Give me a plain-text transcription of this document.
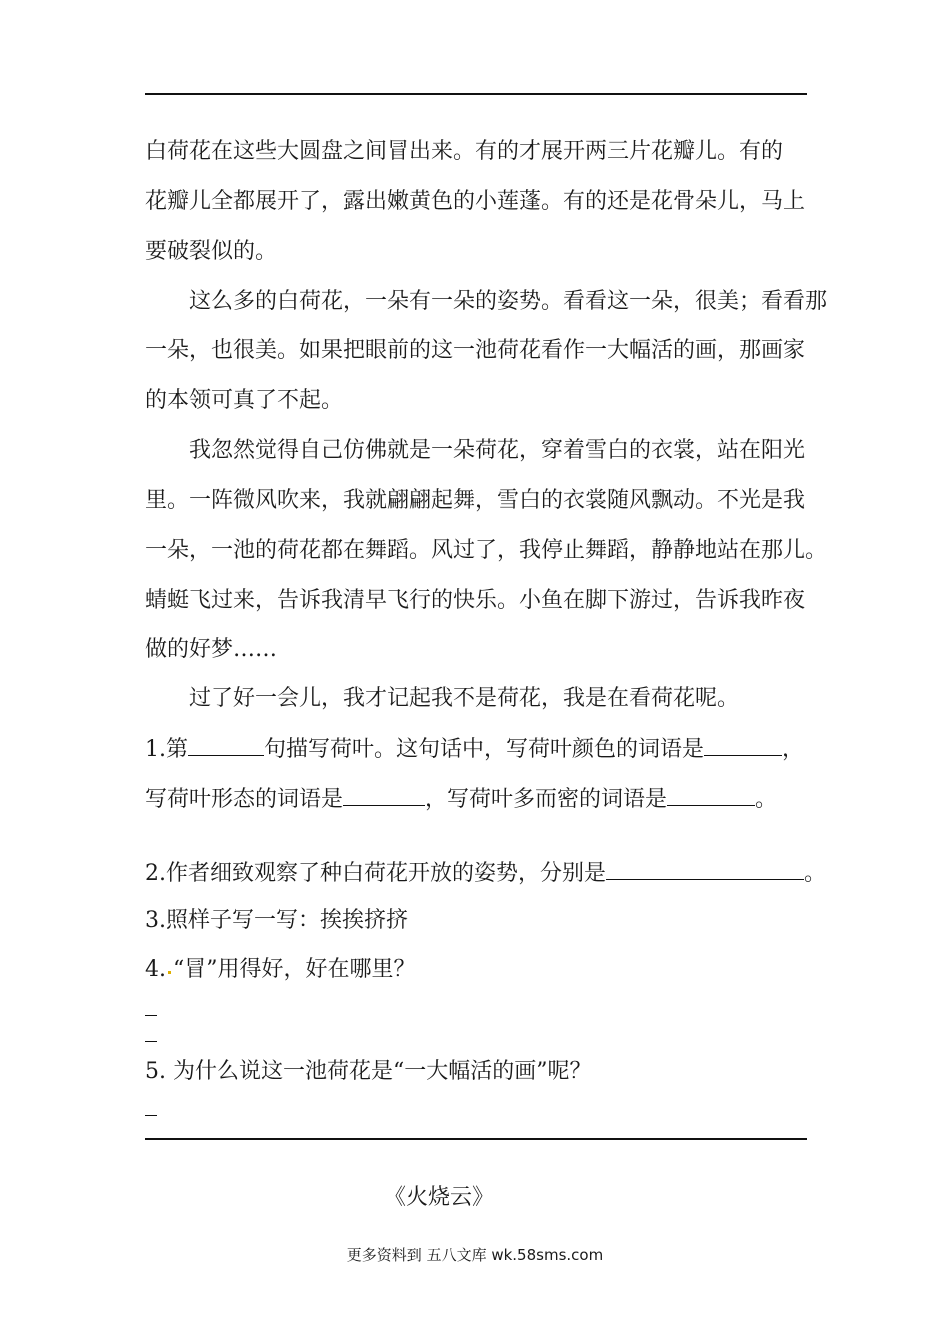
白荷花在这些大圆盘之间冒出来。有的才展开两三片花瓣儿。有的
花瓣儿全都展开了，露出嫩黄色的小莲蓬。有的还是花骨朵儿，马上
要破裂似的。
这么多的白荷花，一朵有一朵的姿势。看看这一朵，很美；看看那
一朵，也很美。如果把眼前的这一池荷花看作一大幅活的画，那画家
的本领可真了不起。
我忽然觉得自己仿佛就是一朵荷花，穿着雪白的衣裳，站在阳光
里。一阵微风吹来，我就翩翩起舞，雪白的衣裳随风飘动。不光是我
一朵，一池的荷花都在舞蹈。风过了，我停止舞蹈，静静地站在那儿。
蜻蜓飞过来，告诉我清早飞行的快乐。小鱼在脚下游过，告诉我昨夜
做的好梦……
过了好一会儿，我才记起我不是荷花，我是在看荷花呢。
1.第	句描写荷叶。这句话中，写荷叶颜色的词语是	，
写荷叶形态的词语是	，写荷叶多而密的词语是	。
2.作者细致观察了种白荷花开放的姿势，分别是	。
3.照样子写一写：挨挨挤挤
4. “冒”用得好，好在哪里？
5. 为什么说这一池荷花是“一大幅活的画”呢？
《火烧云》
更多资料到 五八文库 wk.58sms.com
